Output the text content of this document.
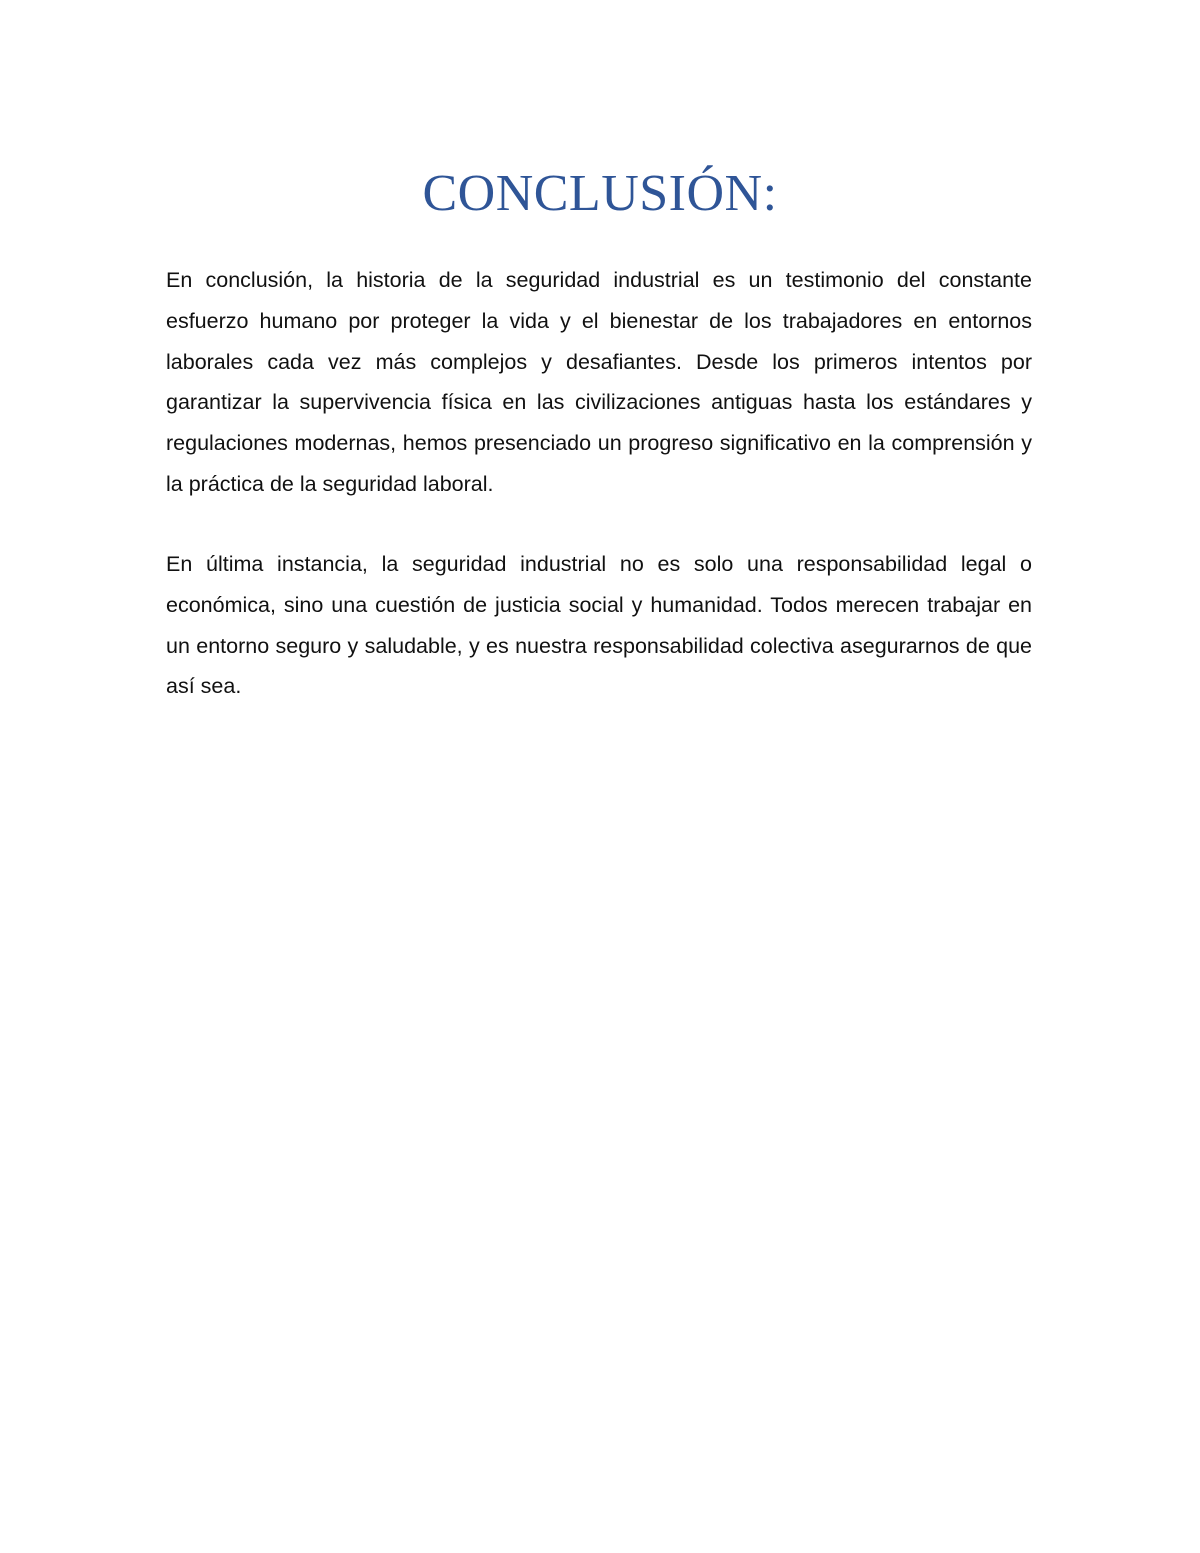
CONCLUSIÓN:

En conclusión, la historia de la seguridad industrial es un testimonio del constante esfuerzo humano por proteger la vida y el bienestar de los trabajadores en entornos laborales cada vez más complejos y desafiantes. Desde los primeros intentos por garantizar la supervivencia física en las civilizaciones antiguas hasta los estándares y regulaciones modernas, hemos presenciado un progreso significativo en la comprensión y la práctica de la seguridad laboral.

En última instancia, la seguridad industrial no es solo una responsabilidad legal o económica, sino una cuestión de justicia social y humanidad. Todos merecen trabajar en un entorno seguro y saludable, y es nuestra responsabilidad colectiva asegurarnos de que así sea.
